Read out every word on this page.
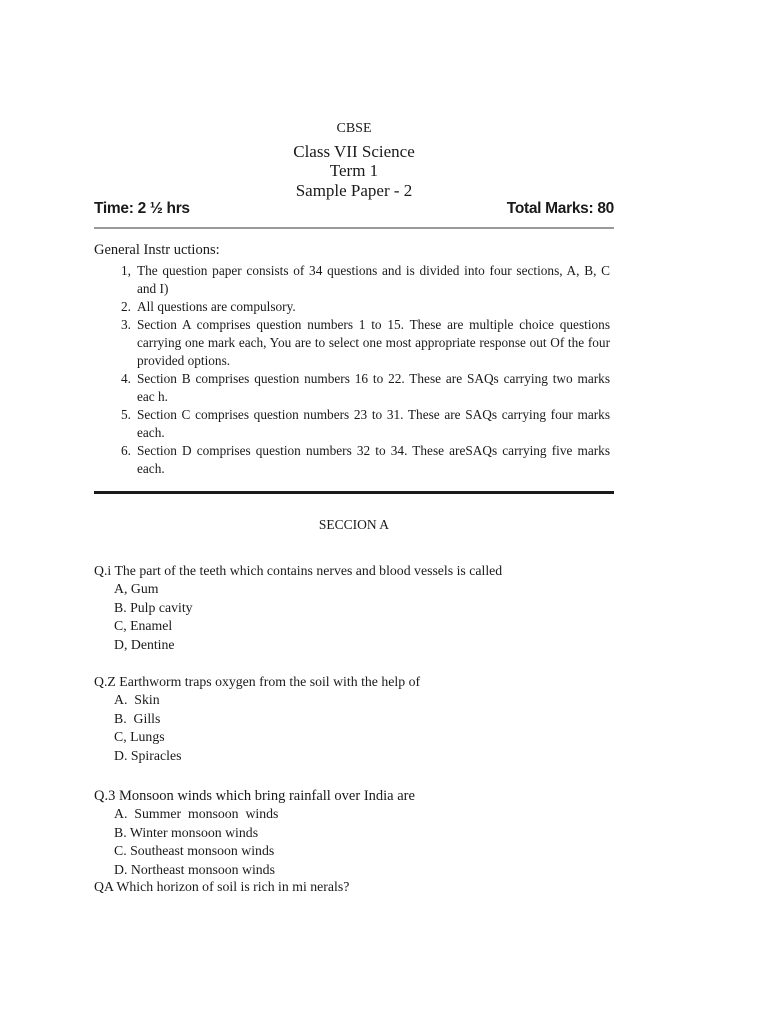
CBSE
Class VII Science
Term 1
Sample Paper - 2
Time: 2 ½ hrs	Total Marks: 80
General Instr uctions:
1, The question paper consists of 34 questions and is divided into four sections, A, B, C and I)
2. All questions are compulsory.
3. Section A comprises question numbers 1 to 15. These are multiple choice questions carrying one mark each, You are to select one most appropriate response out Of the four provided options.
4. Section B comprises question numbers 16 to 22. These are SAQs carrying two marks eac h.
5. Section C comprises question numbers 23 to 31. These are SAQs carrying four marks each.
6. Section D comprises question numbers 32 to 34. These areSAQs carrying five marks each.
SECCION A
Q.i The part of the teeth which contains nerves and blood vessels is called
A, Gum
B. Pulp cavity
C, Enamel
D, Dentine
Q.Z Earthworm traps oxygen from the soil with the help of
A.  Skin
B.  Gills
C, Lungs
D. Spiracles
Q.3 Monsoon winds which bring rainfall over India are
A.  Summer  monsoon  winds
B. Winter monsoon winds
C. Southeast monsoon winds
D. Northeast monsoon winds
QA Which horizon of soil is rich in mi nerals?
